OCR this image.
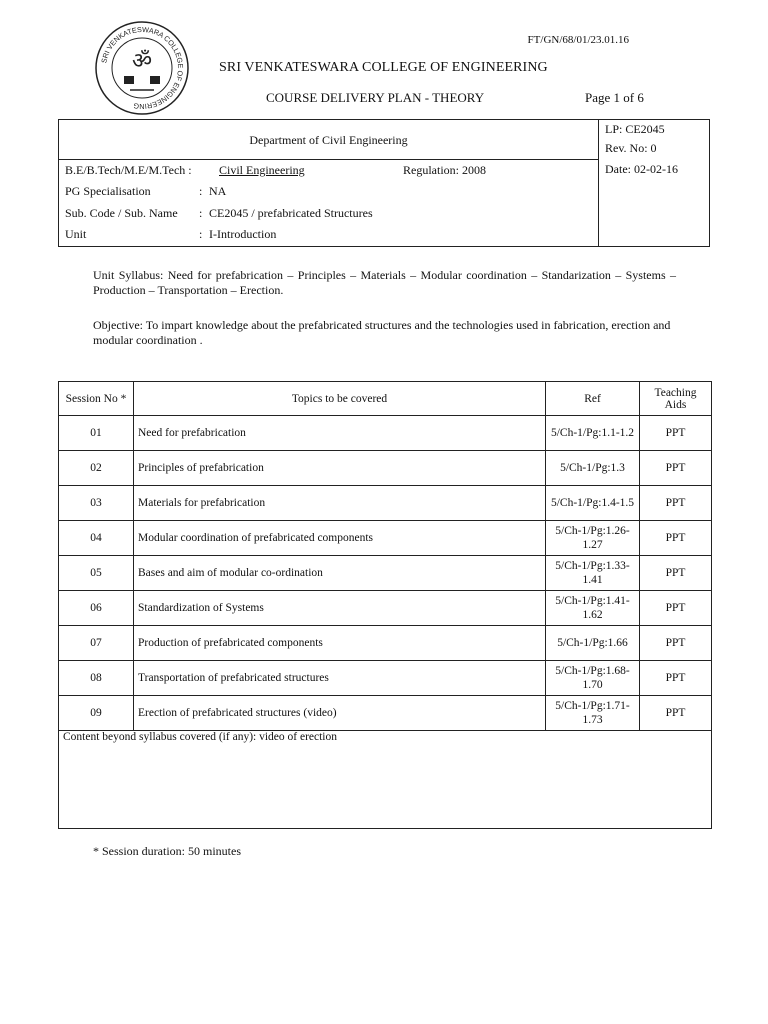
SRI VENKATESWARA COLLEGE OF ENGINEERING
ॐ
FT/GN/68/01/23.01.16
SRI VENKATESWARA COLLEGE OF ENGINEERING
COURSE DELIVERY PLAN - THEORY	Page 1 of 6
Department of Civil Engineering
LP: CE2045
Rev. No: 0
Date: 02-02-16
B.E/B.Tech/M.E/M.Tech : Civil Engineering	Regulation: 2008
PG Specialisation	: NA
Sub. Code / Sub. Name : CE2045 / prefabricated Structures
Unit	: I-Introduction
Unit Syllabus: Need for prefabrication – Principles – Materials – Modular coordination – Standarization – Systems – Production – Transportation – Erection.
Objective: To impart knowledge about the prefabricated structures and the technologies used in fabrication, erection and modular coordination .
Session No *	Topics to be covered	Ref	Teaching Aids
01	Need for prefabrication	5/Ch-1/Pg:1.1-1.2	PPT
02	Principles of prefabrication	5/Ch-1/Pg:1.3	PPT
03	Materials for prefabrication	5/Ch-1/Pg:1.4-1.5	PPT
04	Modular coordination of prefabricated components	5/Ch-1/Pg:1.26-1.27	PPT
05	Bases and aim of modular co-ordination	5/Ch-1/Pg:1.33-1.41	PPT
06	Standardization of Systems	5/Ch-1/Pg:1.41-1.62	PPT
07	Production of prefabricated components	5/Ch-1/Pg:1.66	PPT
08	Transportation of prefabricated structures	5/Ch-1/Pg:1.68-1.70	PPT
09	Erection of prefabricated structures (video)	5/Ch-1/Pg:1.71-1.73	PPT
Content beyond syllabus covered (if any): video of erection			
* Session duration: 50 minutes
